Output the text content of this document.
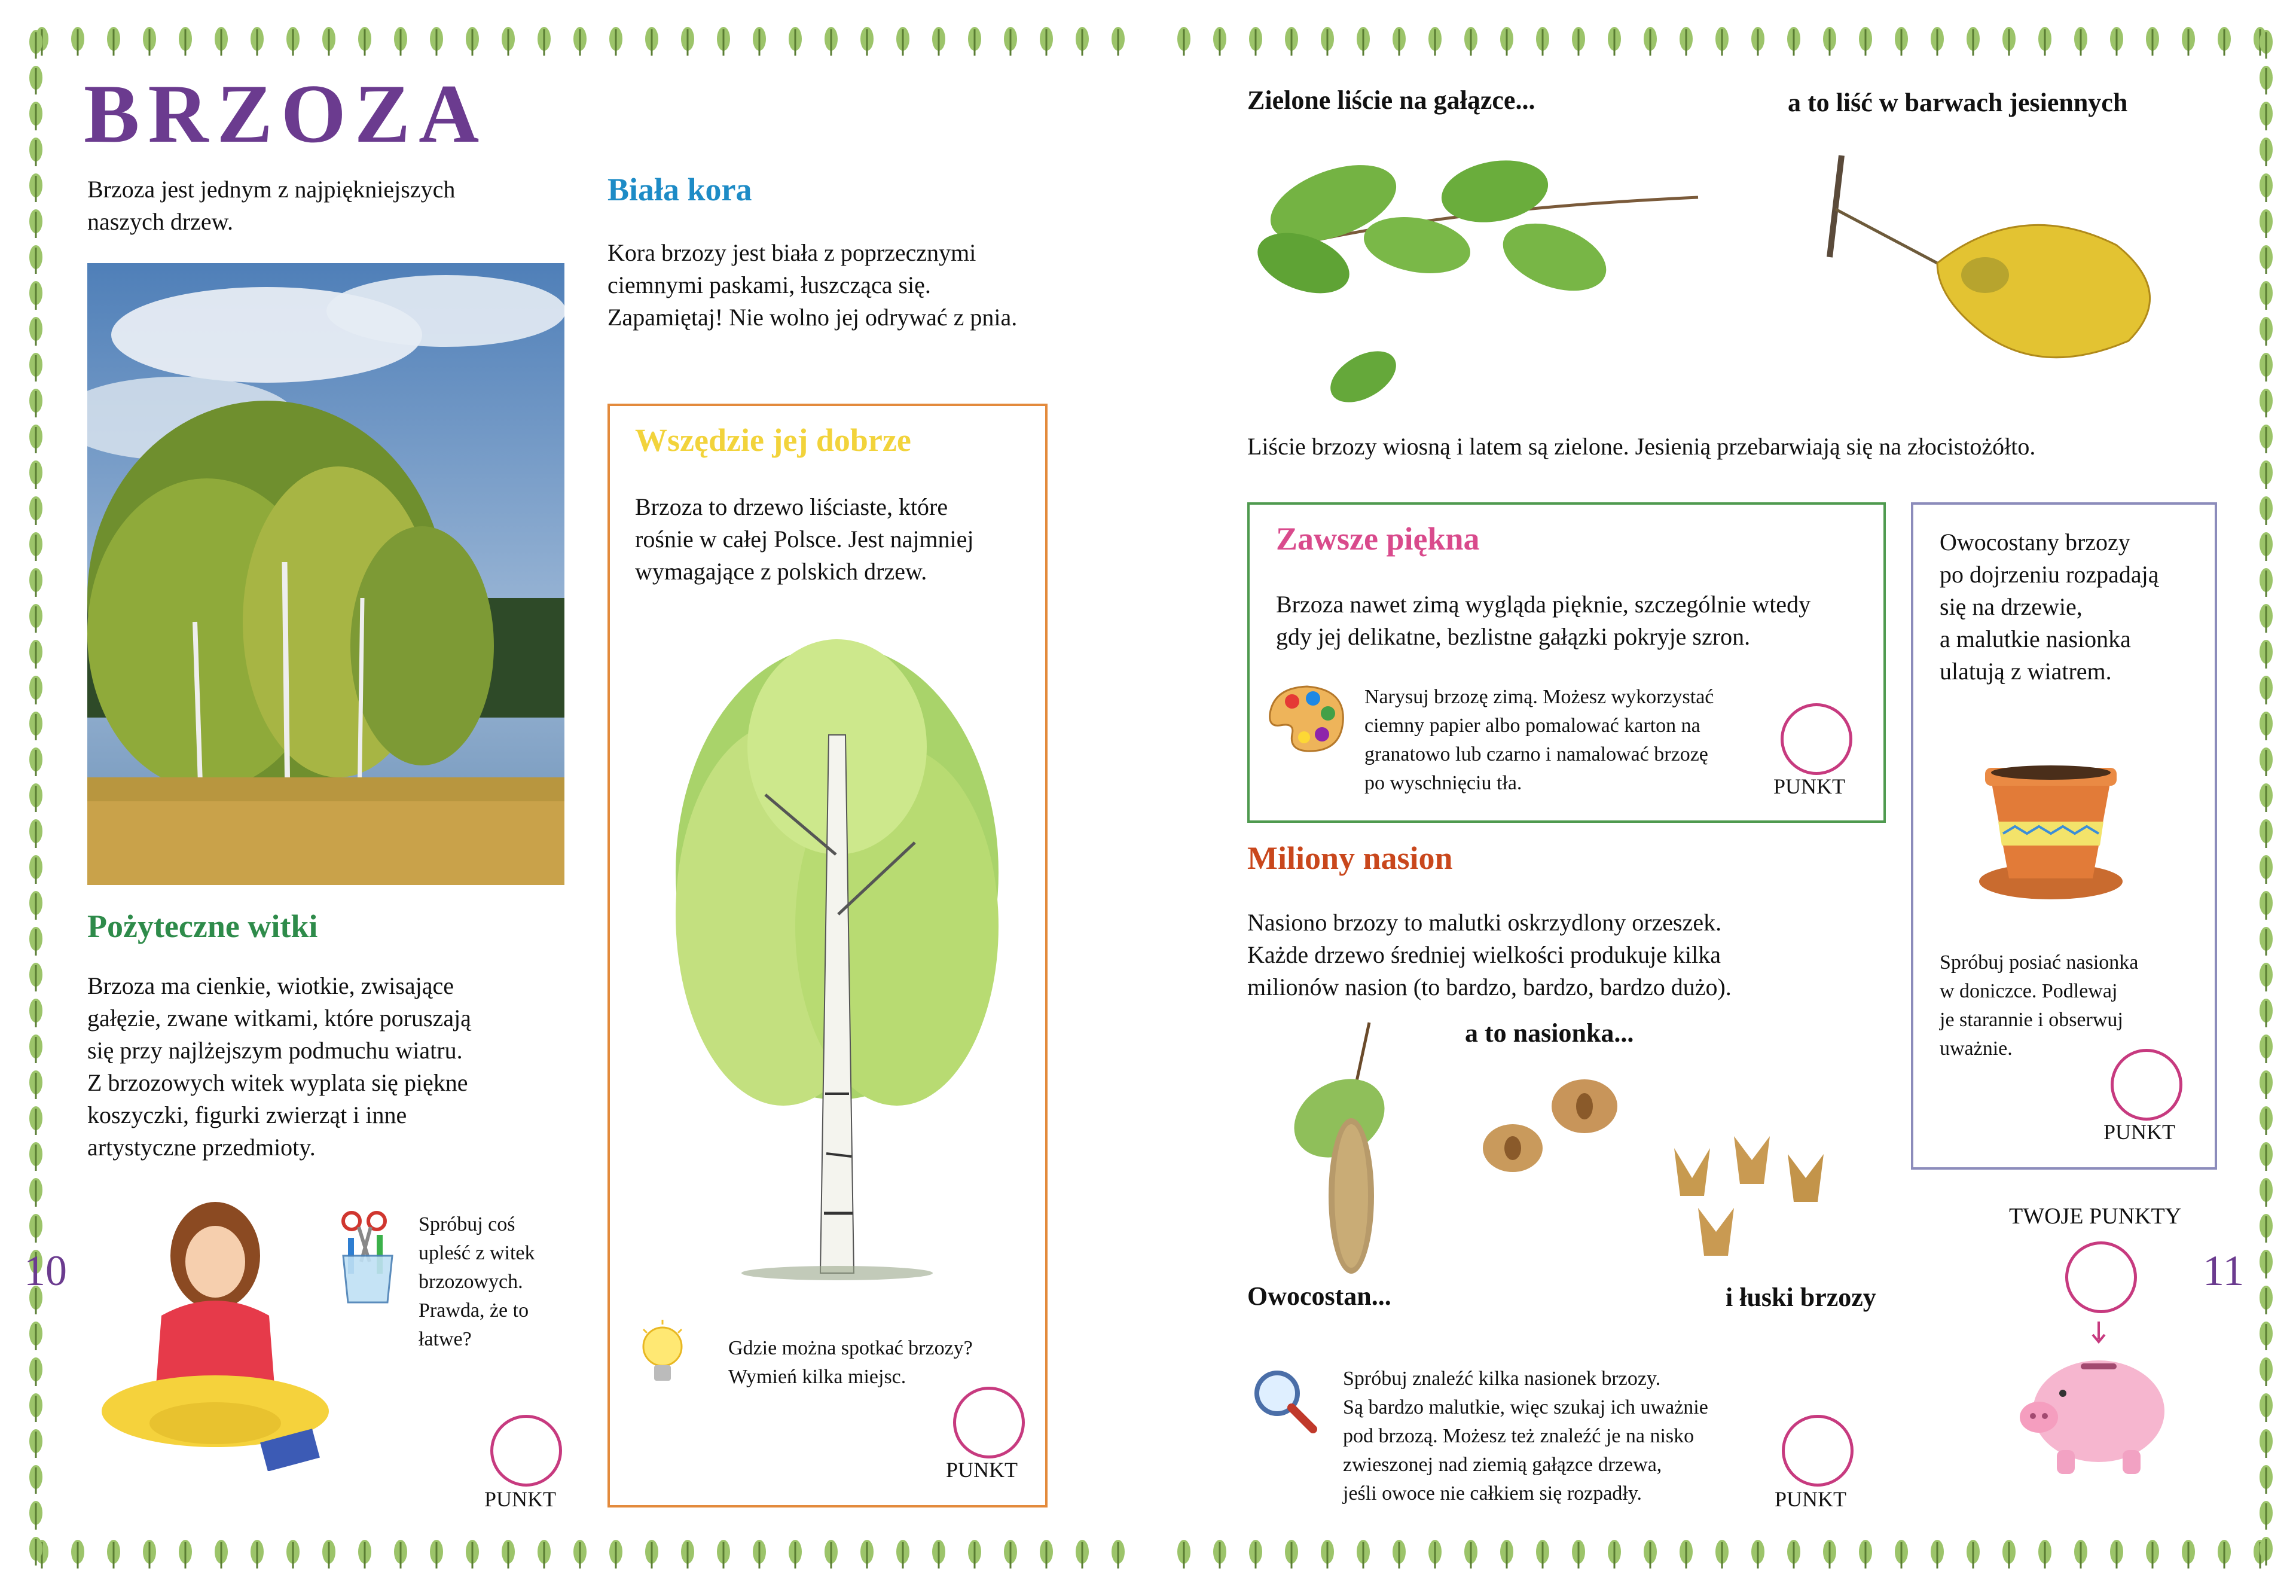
BRZOZA
Brzoza jest jednym z najpiękniejszych
naszych drzew.
Biała kora
Kora brzozy jest biała z poprzecznymi
ciemnymi paskami, łuszcząca się.
Zapamiętaj! Nie wolno jej odrywać z pnia.
Wszędzie jej dobrze
Brzoza to drzewo liściaste, które
rośnie w całej Polsce. Jest najmniej
wymagające z polskich drzew.
Gdzie można spotkać brzozy?
Wymień kilka miejsc.
PUNKT
Pożyteczne witki
Brzoza ma cienkie, wiotkie, zwisające
gałęzie, zwane witkami, które poruszają
się przy najlżejszym podmuchu wiatru.
Z brzozowych witek wyplata się piękne
koszyczki, figurki zwierząt i inne
artystyczne przedmioty.
Spróbuj coś
upleść z witek
brzozowych.
Prawda, że to
łatwe?
PUNKT
10
Zielone liście na gałązce...	a to liść w barwach jesiennych
Liście brzozy wiosną i latem są zielone. Jesienią przebarwiają się na złocistożółto.
Zawsze piękna
Brzoza nawet zimą wygląda pięknie, szczególnie wtedy
gdy jej delikatne, bezlistne gałązki pokryje szron.
Narysuj brzozę zimą. Możesz wykorzystać
ciemny papier albo pomalować karton na
granatowo lub czarno i namalować brzozę
po wyschnięciu tła.	PUNKT
Owocostany brzozy
po dojrzeniu rozpadają
się na drzewie,
a malutkie nasionka
ulatują z wiatrem.
Spróbuj posiać nasionka
w doniczce. Podlewaj
je starannie i obserwuj
uważnie.
PUNKT
Miliony nasion
Nasiono brzozy to malutki oskrzydlony orzeszek.
Każde drzewo średniej wielkości produkuje kilka
milionów nasion (to bardzo, bardzo, bardzo dużo).
a to nasionka...
Owocostan...	i łuski brzozy
Spróbuj znaleźć kilka nasionek brzozy.
Są bardzo malutkie, więc szukaj ich uważnie
pod brzozą. Możesz też znaleźć je na nisko
zwieszonej nad ziemią gałązce drzewa,
jeśli owoce nie całkiem się rozpadły.	PUNKT
TWOJE PUNKTY
11
